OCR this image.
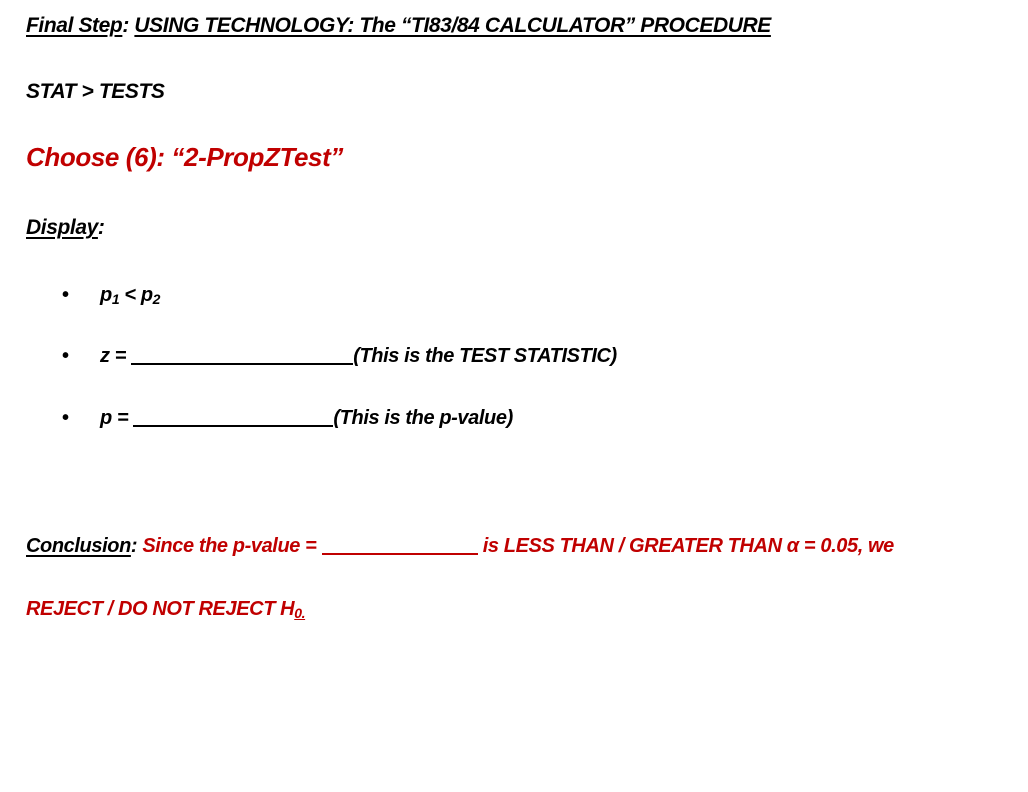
Final Step: USING TECHNOLOGY: The “TI83/84 CALCULATOR” PROCEDURE
STAT > TESTS
Choose (6): “2-PropZTest”
Display:
• $p_1 < p_2$
• z =	(This is the TEST STATISTIC)
• p =	(This is the p-value)
Conclusion: Since the p-value =	is LESS THAN / GREATER THAN α = 0.05, we
REJECT / DO NOT REJECT $H_{0.}$
